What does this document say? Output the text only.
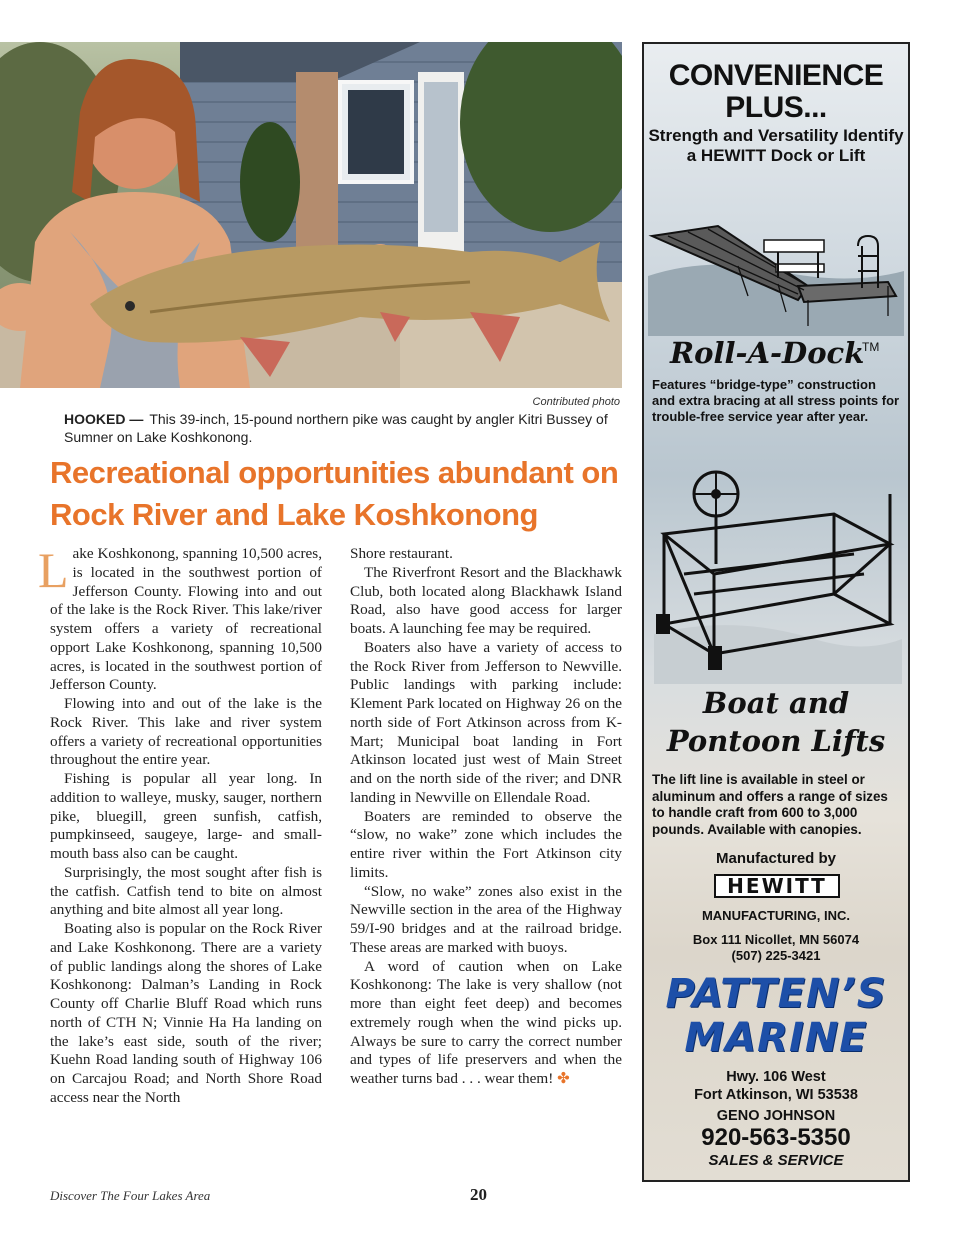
Contributed photo
HOOKED — This 39-inch, 15-pound northern pike was caught by angler Kitri Bussey of Sumner on Lake Koshkonong.
Recreational opportunities abundant on Rock River and Lake Koshkonong

Lake Koshkonong, spanning 10,500 acres, is located in the southwest portion of Jefferson County. Flowing into and out of the lake is the Rock River. This lake/river system offers a variety of recreational opport Lake Koshkonong, spanning 10,500 acres, is located in the southwest portion of Jefferson County.

Flowing into and out of the lake is the Rock River. This lake and river system offers a variety of recreational opportunities throughout the entire year.

Fishing is popular all year long. In addition to walleye, musky, sauger, northern pike, bluegill, green sunfish, catfish, pumpkinseed, saugeye, large- and small-mouth bass also can be caught.

Surprisingly, the most sought after fish is the catfish. Catfish tend to bite on almost anything and bite almost all year long.

Boating also is popular on the Rock River and Lake Koshkonong. There are a variety of public landings along the shores of Lake Koshkonong: Dalman’s Landing in Rock County off Charlie Bluff Road which runs north of CTH N; Vinnie Ha Ha landing on the lake’s east side, south of the river; Kuehn Road landing south of Highway 106 on Carcajou Road; and North Shore Road access near the North

Shore restaurant.

The Riverfront Resort and the Blackhawk Club, both located along Blackhawk Island Road, also have good access for larger boats. A launching fee may be required.

Boaters also have a variety of access to the Rock River from Jefferson to Newville. Public landings with parking include: Klement Park located on Highway 26 on the north side of Fort Atkinson across from K-Mart; Municipal boat landing in Fort Atkinson located just west of Main Street and on the north side of the river; and DNR landing in Newville on Ellendale Road.

Boaters are reminded to observe the “slow, no wake” zone which includes the entire river within the Fort Atkinson city limits.

“Slow, no wake” zones also exist in the Newville section in the area of the Highway 59/I-90 bridges and at the railroad bridge. These areas are marked with buoys.

A word of caution when on Lake Koshkonong: The lake is very shallow (not more than eight feet deep) and becomes extremely rough when the wind picks up. Always be sure to carry the correct number and types of life preservers and when the weather turns bad . . . wear them! ✤

Discover The Four Lakes Area	20
CONVENIENCE PLUS...
Strength and Versatility Identify a HEWITT Dock or Lift
Roll-A-Dock
TM
Features “bridge-type” construction and extra bracing at all stress points for trouble-free service year after year.
Boat and Pontoon Lifts
The lift line is available in steel or aluminum and offers a range of sizes to handle craft from 600 to 3,000 pounds. Available with canopies.
Manufactured by
HEWITT
MANUFACTURING, INC.
Box 111 Nicollet, MN 56074
(507) 225-3421
PATTEN’S
MARINE
Hwy. 106 West
Fort Atkinson, WI 53538
GENO JOHNSON
920-563-5350
SALES & SERVICE
